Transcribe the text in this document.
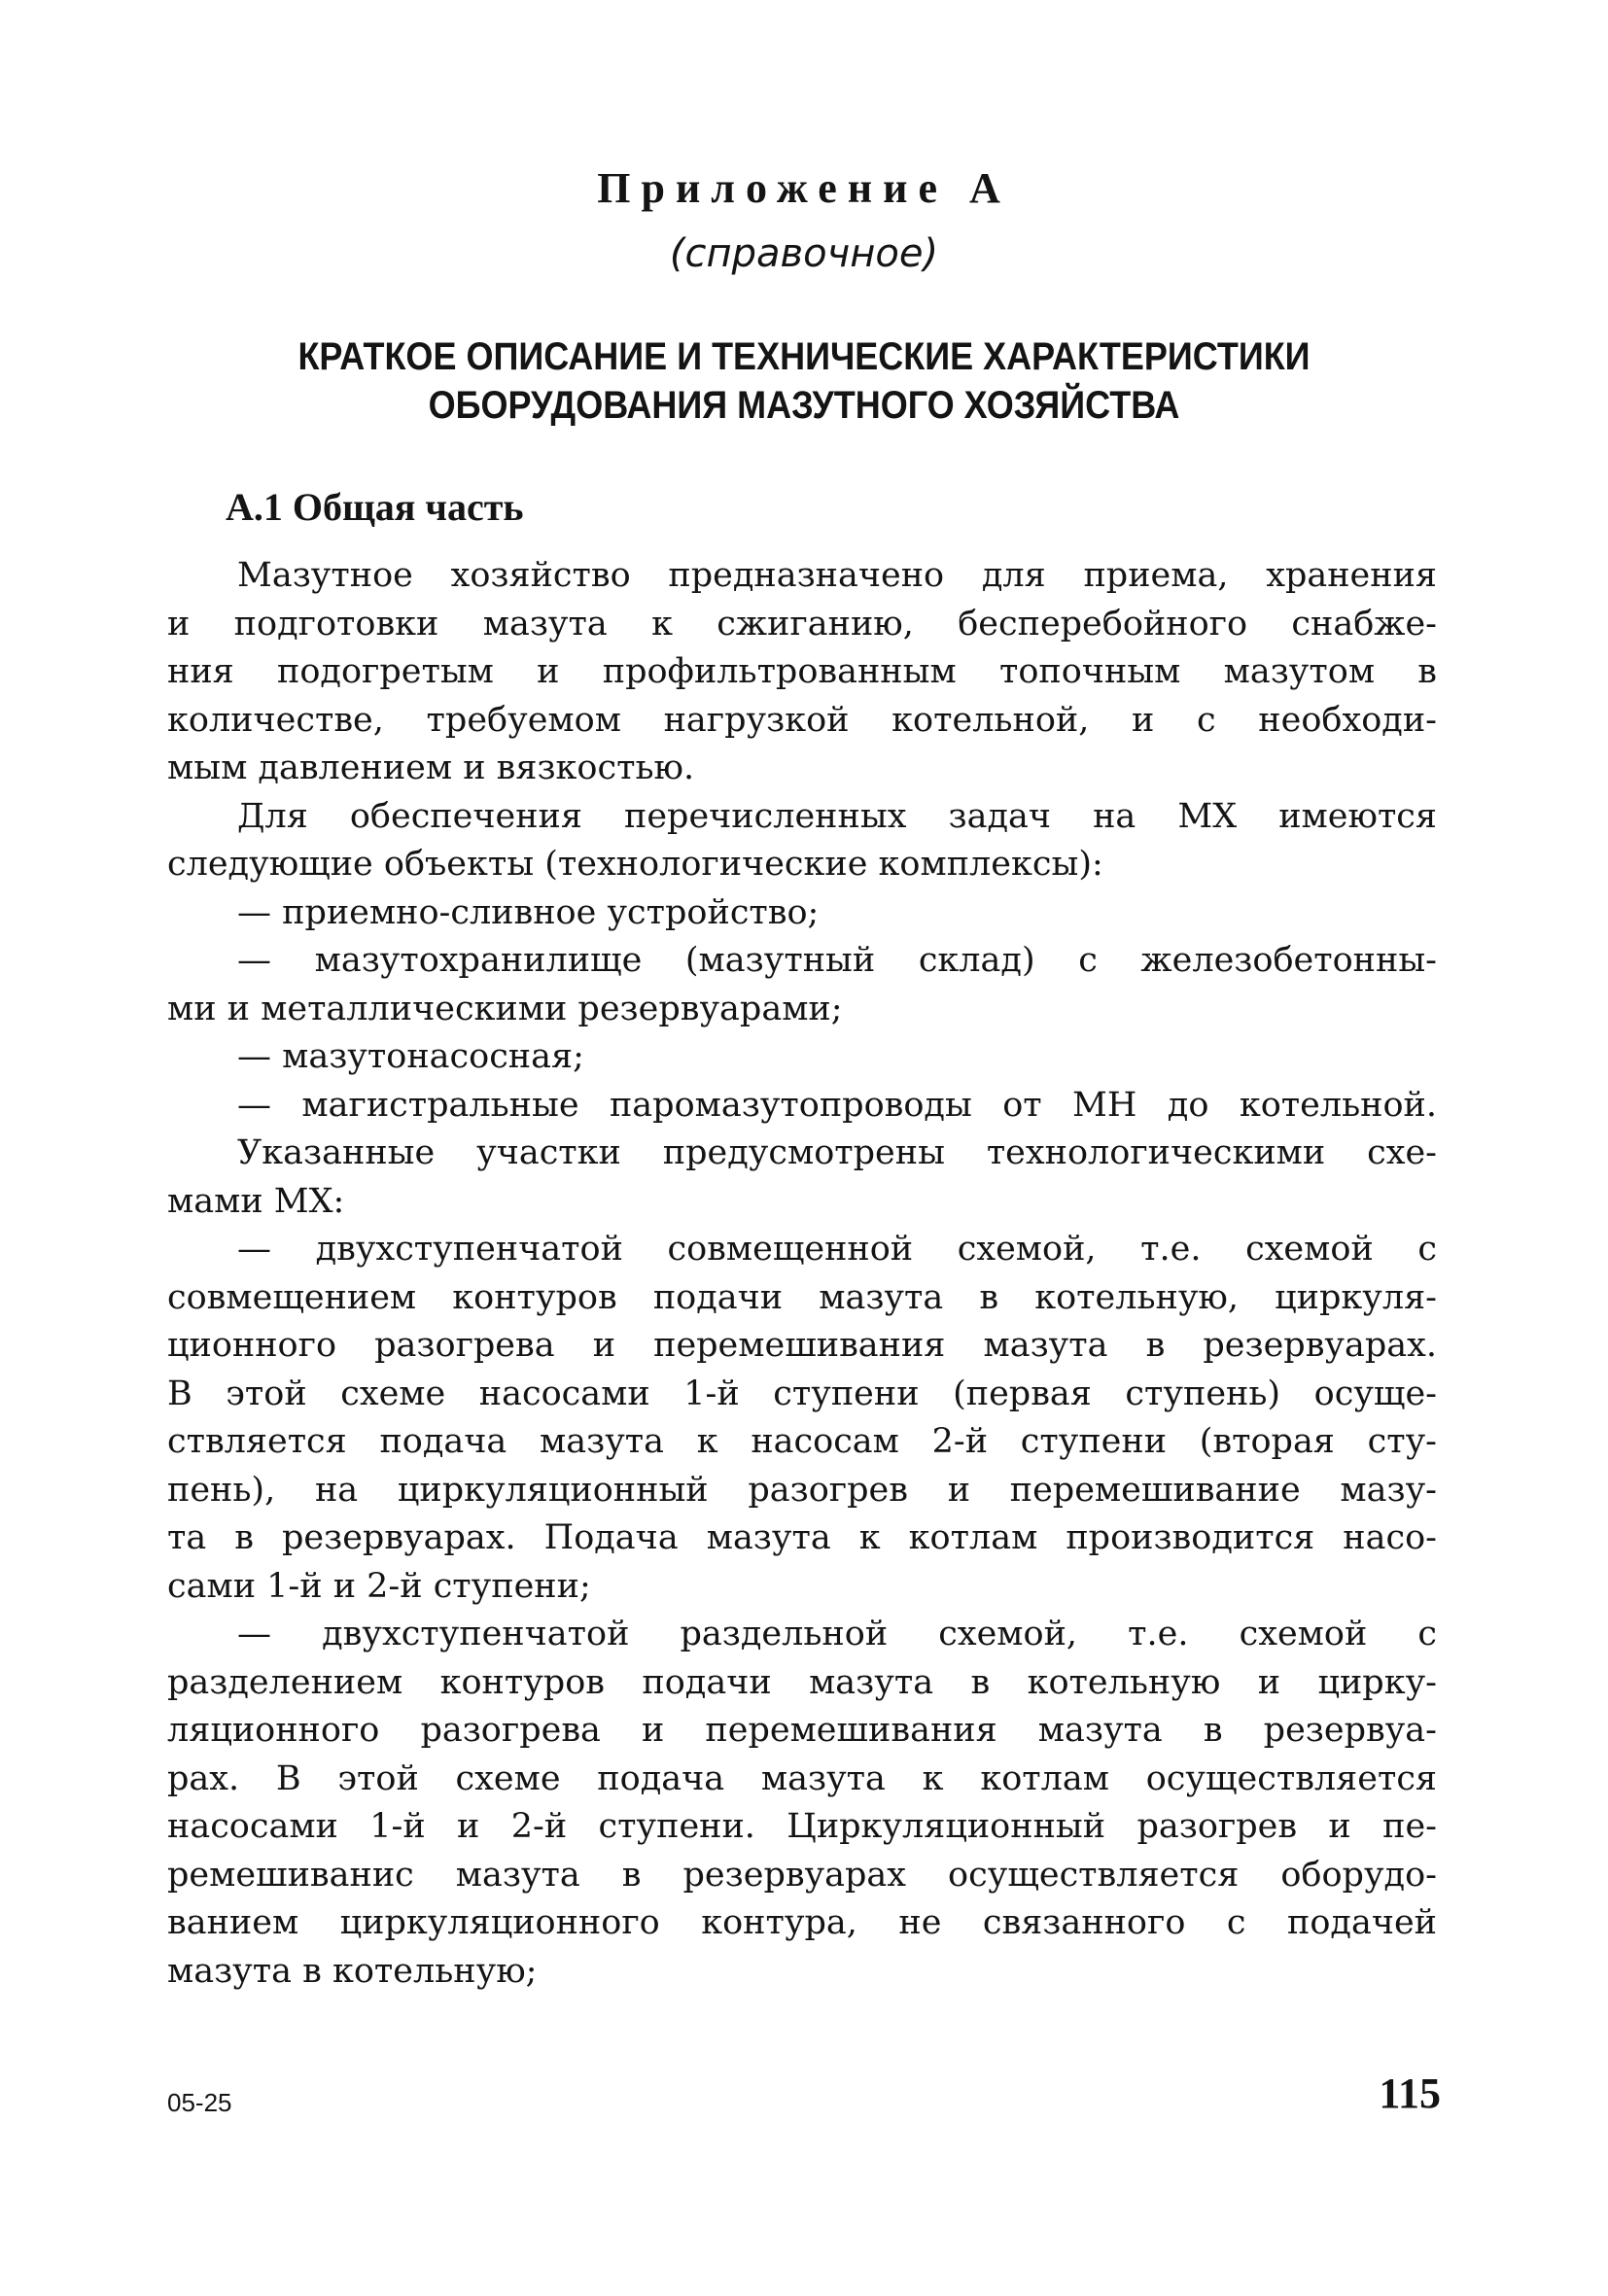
Приложение А
(справочное)
КРАТКОЕ ОПИСАНИЕ И ТЕХНИЧЕСКИЕ ХАРАКТЕРИСТИКИ
ОБОРУДОВАНИЯ МАЗУТНОГО ХОЗЯЙСТВА
А.1 Общая часть
Мазутное хозяйство предназначено для приема, хранения
и подготовки мазута к сжиганию, бесперебойного снабже-
ния подогретым и профильтрованным топочным мазутом в
количестве, требуемом нагрузкой котельной, и с необходи-
мым давлением и вязкостью.
Для обеспечения перечисленных задач на МХ имеются
следующие объекты (технологические комплексы):
— приемно-сливное устройство;
— мазутохранилище (мазутный склад) с железобетонны-
ми и металлическими резервуарами;
— мазутонасосная;
— магистральные паромазутопроводы от МН до котельной.
Указанные участки предусмотрены технологическими схе-
мами МХ:
— двухступенчатой совмещенной схемой, т.е. схемой с
совмещением контуров подачи мазута в котельную, циркуля-
ционного разогрева и перемешивания мазута в резервуарах.
В этой схеме насосами 1-й ступени (первая ступень) осуще-
ствляется подача мазута к насосам 2-й ступени (вторая сту-
пень), на циркуляционный разогрев и перемешивание мазу-
та в резервуарах. Подача мазута к котлам производится насо-
сами 1-й и 2-й ступени;
— двухступенчатой раздельной схемой, т.е. схемой с
разделением контуров подачи мазута в котельную и цирку-
ляционного разогрева и перемешивания мазута в резервуа-
рах. В этой схеме подача мазута к котлам осуществляется
насосами 1-й и 2-й ступени. Циркуляционный разогрев и пе-
ремешиванис мазута в резервуарах осуществляется оборудо-
ванием циркуляционного контура, не связанного с подачей
мазута в котельную;
05-25	115
